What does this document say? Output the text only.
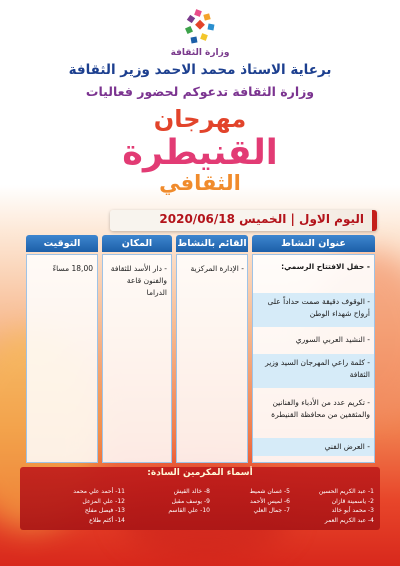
وزارة الثقافة
برعاية الاستاذ محمد الاحمد وزير الثقافة
وزارة الثقافة تدعوكم لحضور فعاليات
مهرجان
القنيطرة
الثقافي
اليوم الاول | الخميس 2020/06/18
عنوان النشاط
القائم بالنشاط
المكان
التوقيت
18,00 مساءً	- دار الأسد للثقافة والفنون قاعة الدراما
- الإدارة المركزية	- حفل الافتتاح الرسمي:
- الوقوف دقيقة صمت حداداً على أرواح شهداء الوطن
- النشيد العربي السوري
- كلمة راعي المهرجان السيد وزير الثقافة
- تكريم عدد من الأدباء والفنانين والمثقفين من محافظة القنيطرة
- العرض الفني
أسماء المكرمين السادة:
1- عبد الكريم الحسين
2- ياسمينة قازان
3- محمد أبو خالد
4- عبد الكريم العمر
5- غسان شميط
6- لميس الأحمد
7- جمال العلي
8- خالد القيش
9- يوسف مقبل
10- علي القاسم
11- أحمد علي محمد
12- علي المزعل
13- فيصل مفلح
14- أكثم طلاع
